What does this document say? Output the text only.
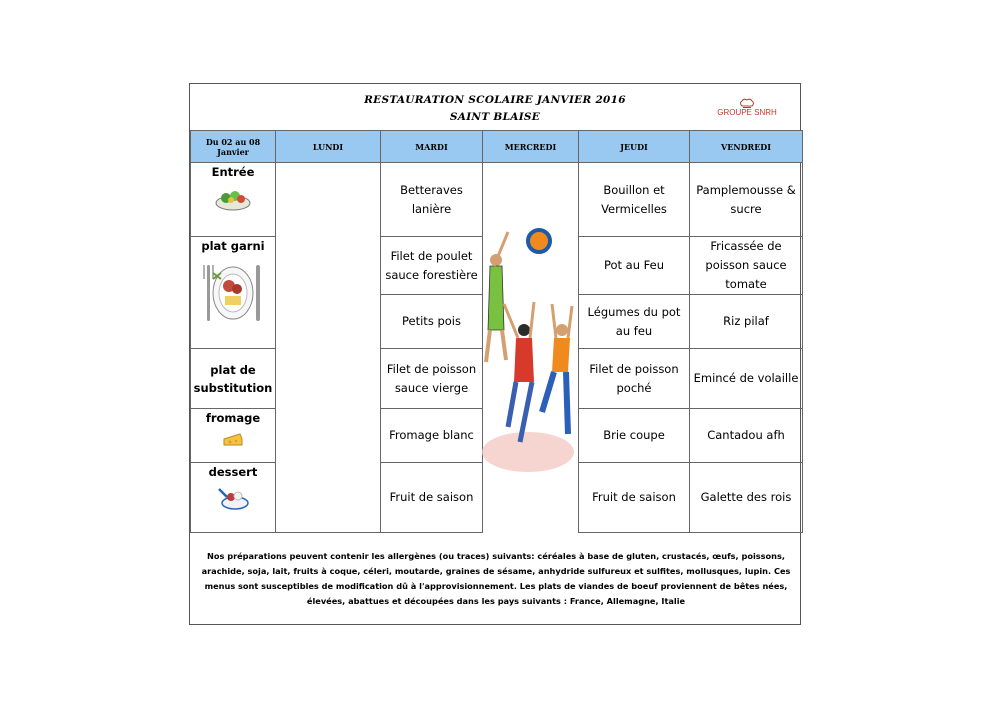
RESTAURATION SCOLAIRE JANVIER 2016
SAINT BLAISE	GROUPE SNRH
Du 02 au 08 Janvier	LUNDI	MARDI	MERCREDI	JEUDI	VENDREDI

Entrée		Betteraves lanière		Bouillon et Vermicelles	Pamplemousse & sucre

plat garni		Filet de poulet sauce forestière		Pot au Feu	Fricassée de poisson sauce tomate
		Petits pois		Légumes du pot au feu	Riz pilaf
plat de substitution		Filet de poisson sauce vierge		Filet de poisson poché	Emincé de volaille

fromage		Fromage blanc		Brie coupe	Cantadou afh

dessert		Fruit de saison		Fruit de saison	Galette des rois
Nos préparations peuvent contenir les allergènes (ou traces) suivants: céréales à base de gluten, crustacés, œufs, poissons, arachide, soja, lait, fruits à coque, céleri, moutarde, graines de sésame, anhydride sulfureux et sulfites, mollusques, lupin. Ces menus sont susceptibles de modification dû à l'approvisionnement. Les plats de viandes de boeuf proviennent de bêtes nées, élevées, abattues et découpées dans les pays suivants : France, Allemagne, Italie
